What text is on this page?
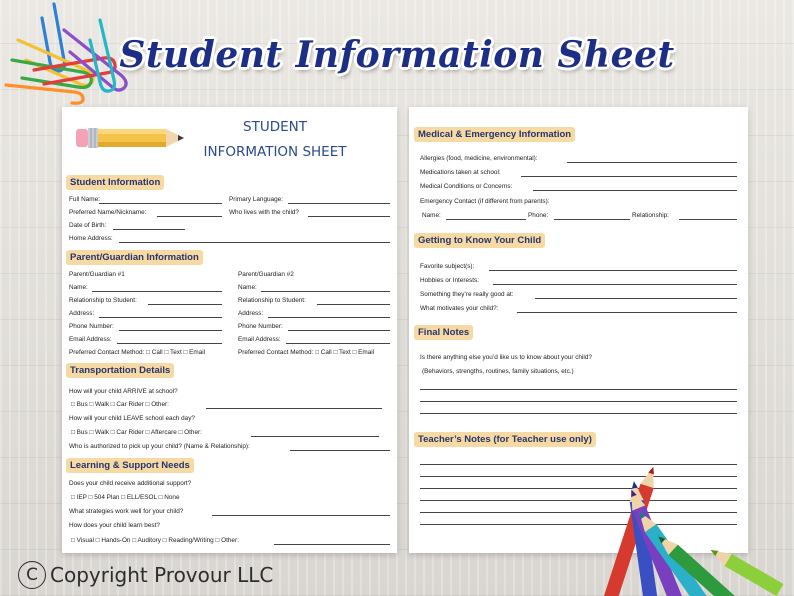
Student Information Sheet
STUDENT
INFORMATION SHEET
Student Information
Full Name:	Primary Language:
Preferred Name/Nickname:	Who lives with the child?
Date of Birth:
Home Address:
Parent/Guardian Information
Parent/Guardian #1	Parent/Guardian #2
Name:	Name:
Relationship to Student:	Relationship to Student:
Address:	Address:
Phone Number:	Phone Number:
Email Address:	Email Address:
Preferred Contact Method: □ Call □ Text □ Email	Preferred Contact Method: □ Call □ Text □ Email
Transportation Details
How will your child ARRIVE at school?
□ Bus □ Walk □ Car Rider □ Other:
How will your child LEAVE school each day?
□ Bus □ Walk □ Car Rider □ Aftercare □ Other:
Who is authorized to pick up your child? (Name & Relationship):
Learning & Support Needs
Does your child receive additional support?
□ IEP □ 504 Plan □ ELL/ESOL □ None
What strategies work well for your child?
How does your child learn best?
□ Visual □ Hands-On □ Auditory □ Reading/Writing □ Other:
Medical & Emergency Information
Allergies (food, medicine, environmental):
Medications taken at school:
Medical Conditions or Concerns:
Emergency Contact (if different from parents):
Name:	Phone:	Relationship:
Getting to Know Your Child
Favorite subject(s):
Hobbies or Interests:
Something they’re really good at:
What motivates your child?:
Final Notes
Is there anything else you’d like us to know about your child?
(Behaviors, strengths, routines, family situations, etc.)
Teacher’s Notes (for Teacher use only)
C Copyright Provour LLC
